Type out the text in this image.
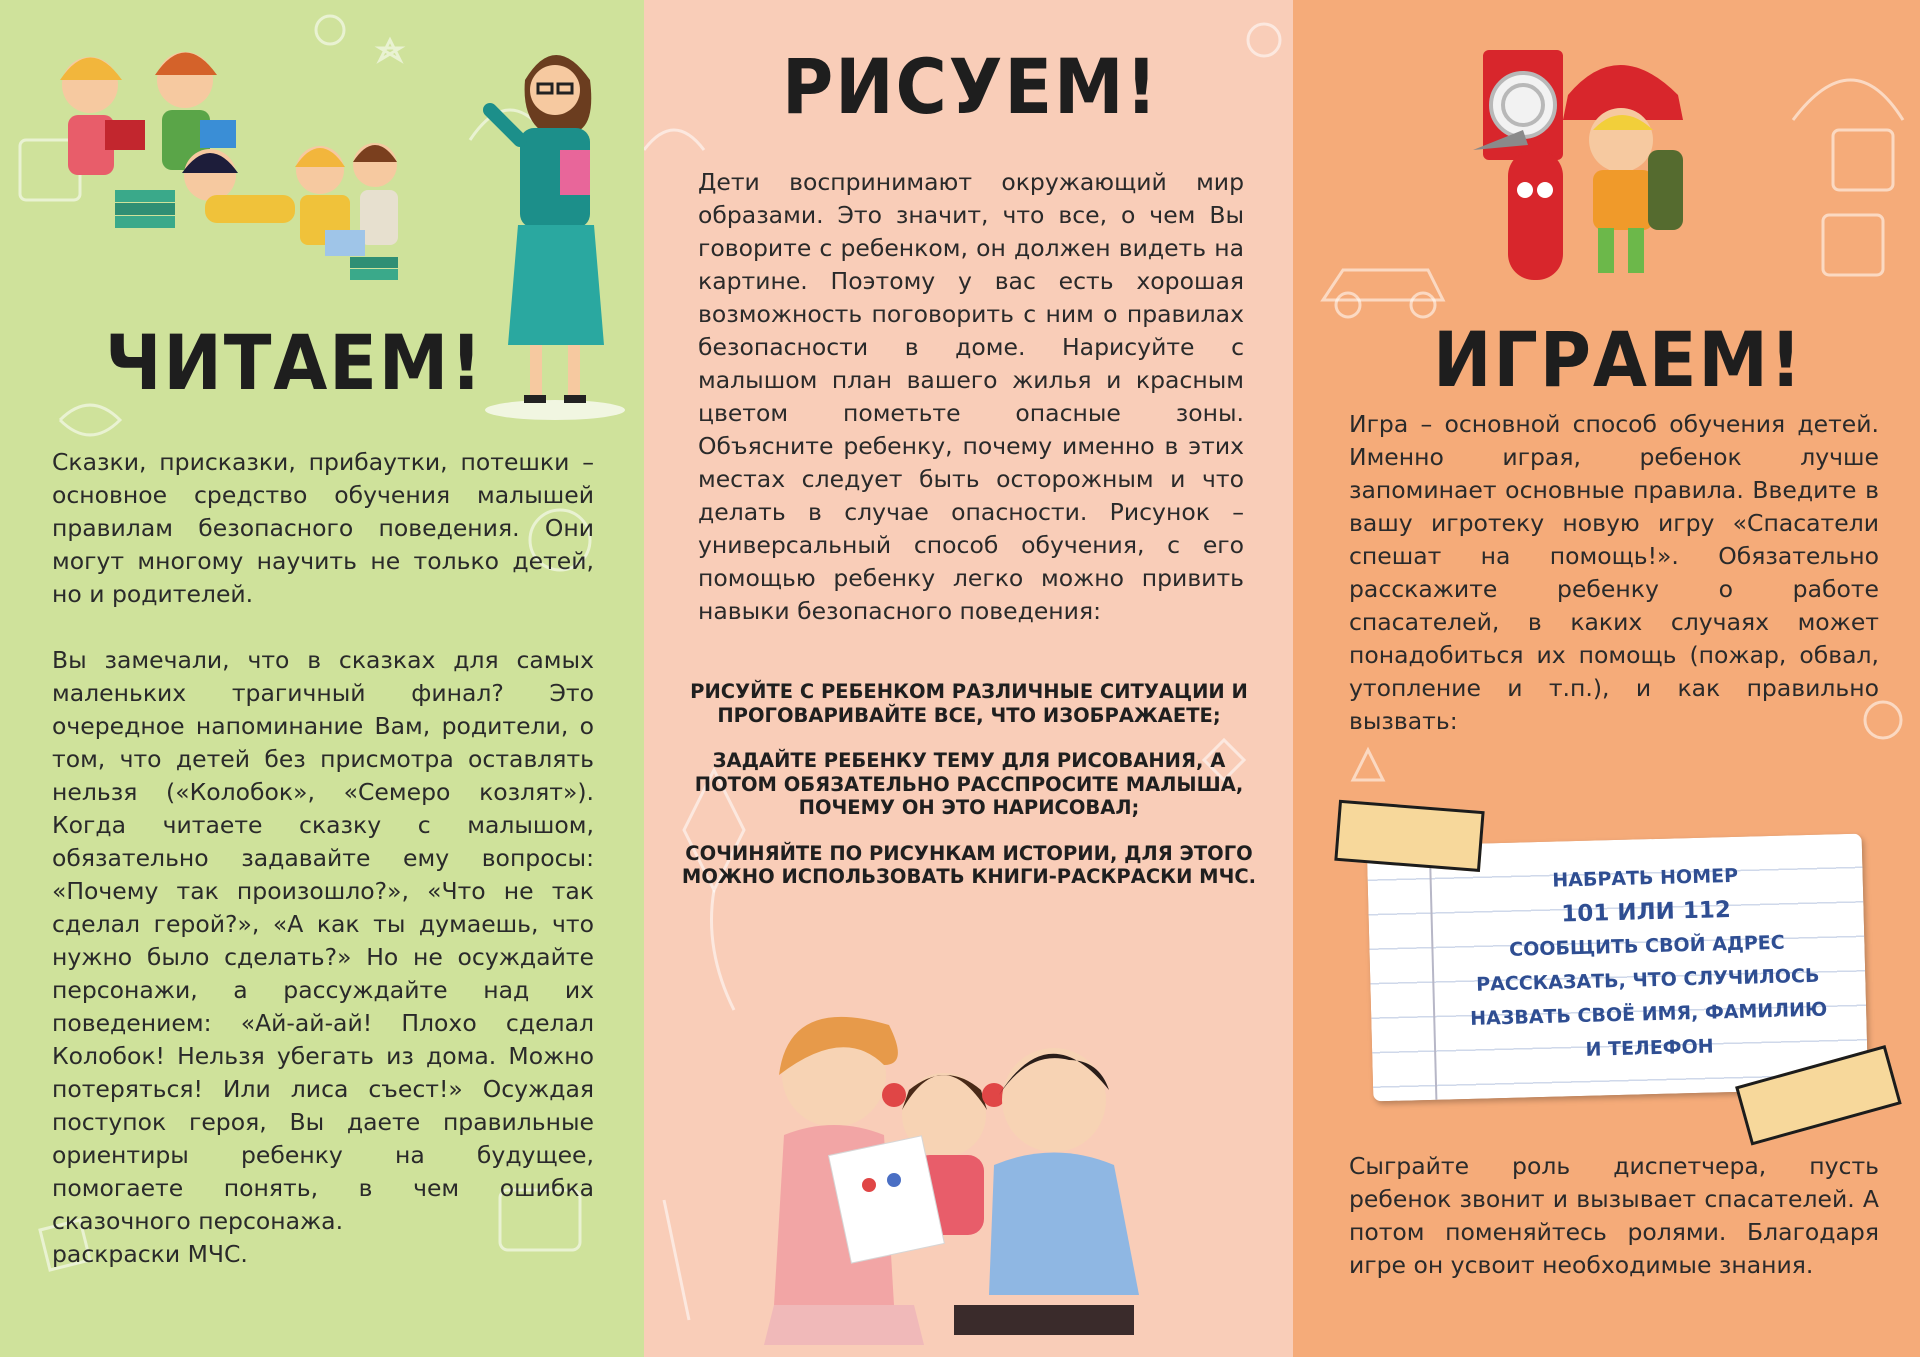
ЧИТАЕМ!

Сказки, присказки, прибаутки, потешки – основное средство обучения малышей правилам безопасного поведения. Они могут многому научить не только детей, но и родителей.

Вы замечали, что в сказках для самых маленьких трагичный финал? Это очередное напоминание Вам, родители, о том, что детей без присмотра оставлять нельзя («Колобок», «Семеро козлят»). Когда читаете сказку с малышом, обязательно задавайте ему вопросы: «Почему так произошло?», «Что не так сделал герой?», «А как ты думаешь, что нужно было сделать?» Но не осуждайте персонажи, а рассуждайте над их поведением: «Ай-ай-ай! Плохо сделал Колобок! Нельзя убегать из дома. Можно потеряться! Или лиса съест!» Осуждая поступок героя, Вы даете правильные ориентиры ребенку на будущее, помогаете понять, в чем ошибка сказочного персонажа.

раскраски МЧС.

РИСУЕМ!

Дети воспринимают окружающий мир образами. Это значит, что все, о чем Вы говорите с ребенком, он должен видеть на картине. Поэтому у вас есть хорошая возможность поговорить с ним о правилах безопасности в доме. Нарисуйте с малышом план вашего жилья и красным цветом пометьте опасные зоны. Объясните ребенку, почему именно в этих местах следует быть осторожным и что делать в случае опасности. Рисунок – универсальный способ обучения, с его помощью ребенку легко можно привить навыки безопасного поведения:

РИСУЙТЕ С РЕБЕНКОМ РАЗЛИЧНЫЕ СИТУАЦИИ И ПРОГОВАРИВАЙТЕ ВСЕ, ЧТО ИЗОБРАЖАЕТЕ;

ЗАДАЙТЕ РЕБЕНКУ ТЕМУ ДЛЯ РИСОВАНИЯ, А ПОТОМ ОБЯЗАТЕЛЬНО РАССПРОСИТЕ МАЛЫША, ПОЧЕМУ ОН ЭТО НАРИСОВАЛ;

СОЧИНЯЙТЕ ПО РИСУНКАМ ИСТОРИИ, ДЛЯ ЭТОГО МОЖНО ИСПОЛЬЗОВАТЬ КНИГИ-РАСКРАСКИ МЧС.

ИГРАЕМ!

Игра – основной способ обучения детей. Именно играя, ребенок лучше запоминает основные правила. Введите в вашу игротеку новую игру «Спасатели спешат на помощь!». Обязательно расскажите ребенку о работе спасателей, в каких случаях может понадобиться их помощь (пожар, обвал, утопление и т.п.), и как правильно вызвать:

НАБРАТЬ НОМЕР
101 ИЛИ 112
СООБЩИТЬ СВОЙ АДРЕС
РАССКАЗАТЬ, ЧТО СЛУЧИЛОСЬ
НАЗВАТЬ СВОЁ ИМЯ, ФАМИЛИЮ
И ТЕЛЕФОН

Сыграйте роль диспетчера, пусть ребенок звонит и вызывает спасателей. А потом поменяйтесь ролями. Благодаря игре он усвоит необходимые знания.
